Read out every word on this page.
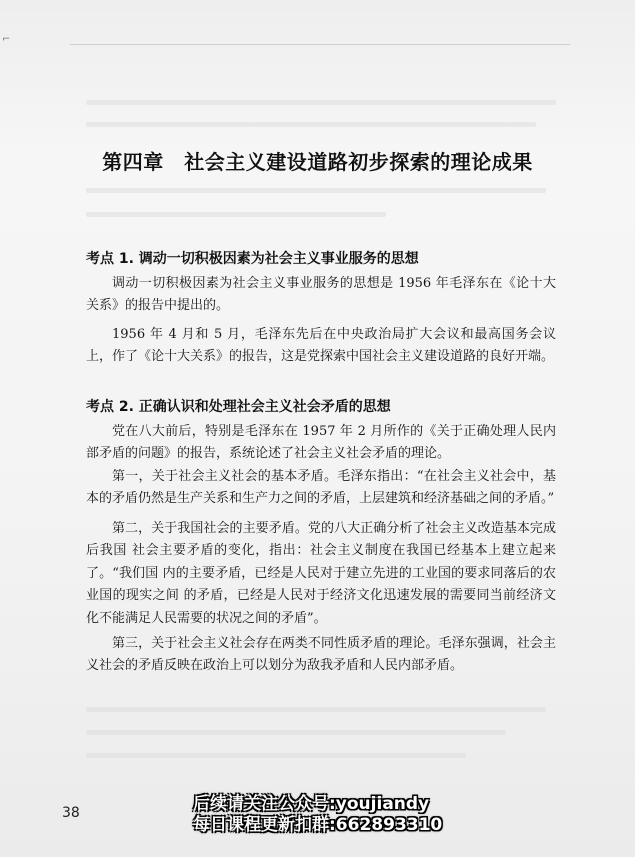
⌐
第四章　社会主义建设道路初步探索的理论成果
考点 1. 调动一切积极因素为社会主义事业服务的思想

调动一切积极因素为社会主义事业服务的思想是 1956 年毛泽东在《论十大关系》的报告中提出的。

1956 年 4 月和 5 月，毛泽东先后在中央政治局扩大会议和最高国务会议上，作了《论十大关系》的报告，这是党探索中国社会主义建设道路的良好开端。

考点 2. 正确认识和处理社会主义社会矛盾的思想

党在八大前后，特别是毛泽东在 1957 年 2 月所作的《关于正确处理人民内部矛盾的问题》的报告，系统论述了社会主义社会矛盾的理论。

第一，关于社会主义社会的基本矛盾。毛泽东指出：“在社会主义社会中，基本的矛盾仍然是生产关系和生产力之间的矛盾，上层建筑和经济基础之间的矛盾。”

第二，关于我国社会的主要矛盾。党的八大正确分析了社会主义改造基本完成后我国 社会主要矛盾的变化，指出：社会主义制度在我国已经基本上建立起来了。“我们国 内的主要矛盾，已经是人民对于建立先进的工业国的要求同落后的农业国的现实之间 的矛盾，已经是人民对于经济文化迅速发展的需要同当前经济文化不能满足人民需要的状况之间的矛盾”。

第三，关于社会主义社会存在两类不同性质矛盾的理论。毛泽东强调，社会主义社会的矛盾反映在政治上可以划分为敌我矛盾和人民内部矛盾。

38	后续请关注公众号:youjiandy
每日课程更新扣群:662893310
